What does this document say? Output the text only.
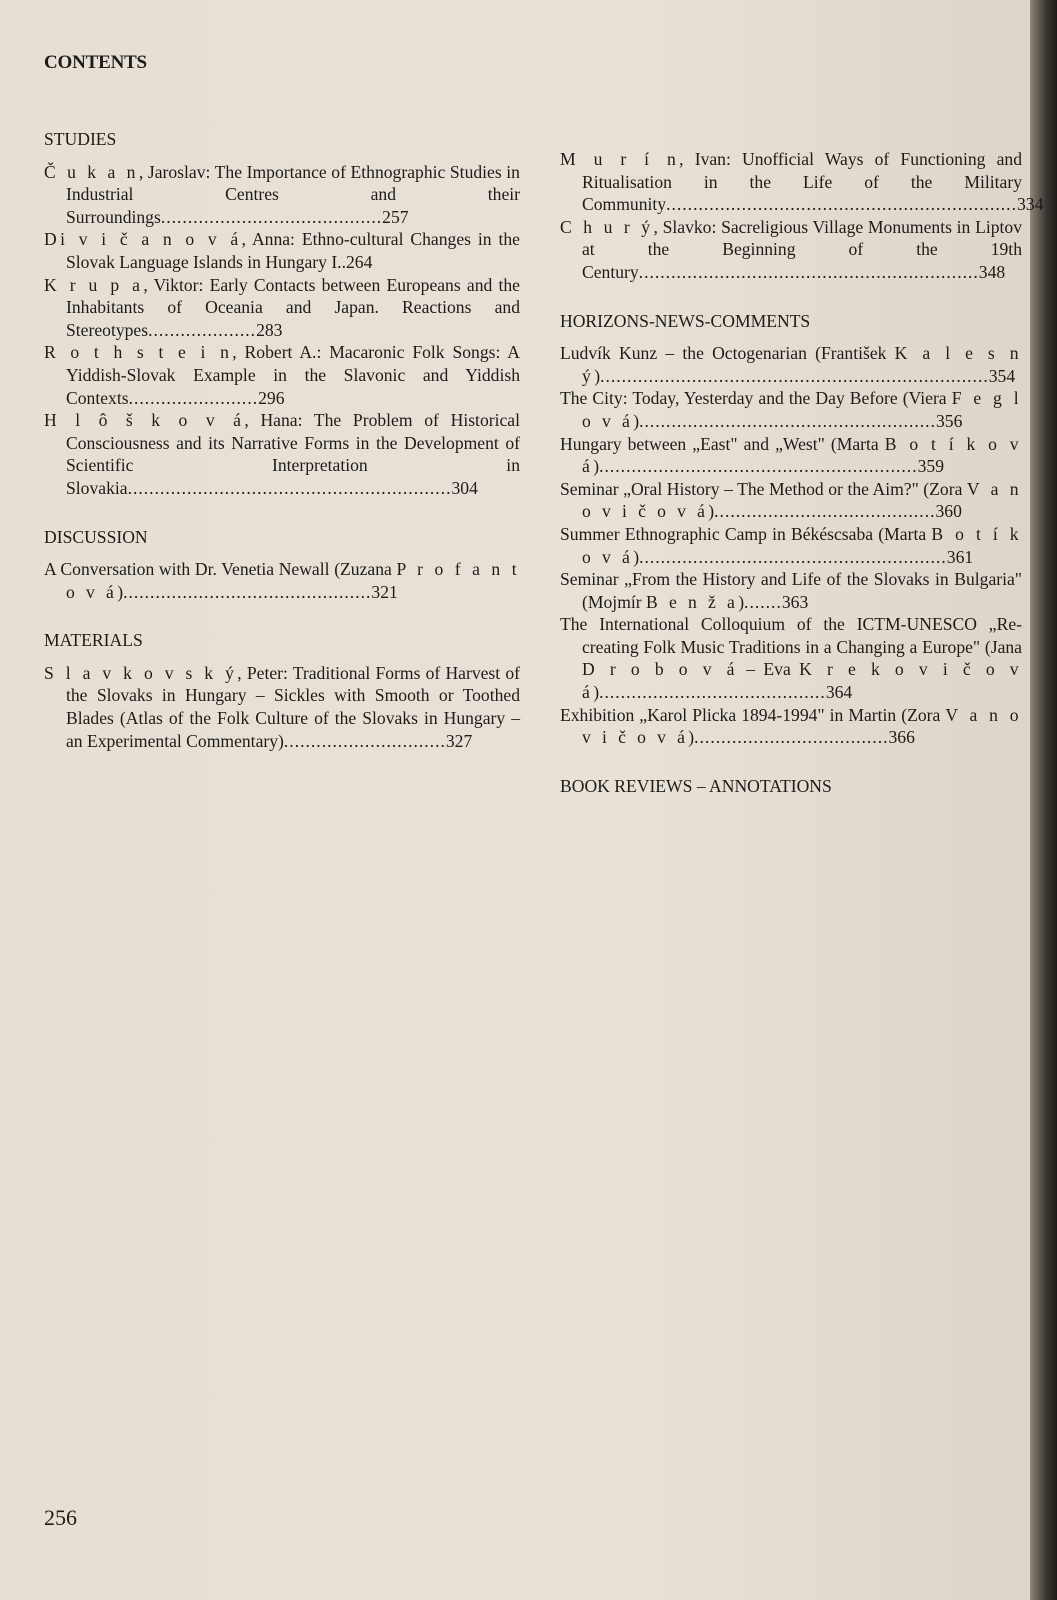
CONTENTS
STUDIES
Č u k a n, Jaroslav: The Importance of Ethnographic Studies in Industrial Centres and their Surroundings.........................................257
Di v i č a n o v á, Anna: Ethno-cultural Changes in the Slovak Language Islands in Hungary I..264
K r u p a, Viktor: Early Contacts between Europeans and the Inhabitants of Oceania and Japan. Reactions and Stereotypes....................283
R o t h s t e i n, Robert A.: Macaronic Folk Songs: A Yiddish-Slovak Example in the Slavonic and Yiddish Contexts........................296
H l ô š k o v á, Hana: The Problem of Historical Consciousness and its Narrative Forms in the Development of Scientific Interpretation in Slovakia............................................................304
DISCUSSION
A Conversation with Dr. Venetia Newall (Zuzana P r o f a n t o v á)..............................................321
MATERIALS
S l a v k o v s k ý, Peter: Traditional Forms of Harvest of the Slovaks in Hungary – Sickles with Smooth or Toothed Blades (Atlas of the Folk Culture of the Slovaks in Hungary – an Experimental Commentary)..............................327
M u r í n, Ivan: Unofficial Ways of Functioning and Ritualisation in the Life of the Military Community.................................................................334
C h u r ý, Slavko: Sacreligious Village Monuments in Liptov at the Beginning of the 19th Century...............................................................348
HORIZONS-NEWS-COMMENTS
Ludvík Kunz – the Octogenarian (František K a l e s n ý)........................................................................354
The City: Today, Yesterday and the Day Before (Viera F e g l o v á).......................................................356
Hungary between „East" and „West" (Marta B o t í k o v á)...........................................................359
Seminar „Oral History – The Method or the Aim?" (Zora V a n o v i č o v á).........................................360
Summer Ethnographic Camp in Békéscsaba (Marta B o t í k o v á).........................................................361
Seminar „From the History and Life of the Slovaks in Bulgaria" (Mojmír B e n ž a).......363
The International Colloquium of the ICTM-UNESCO „Re-creating Folk Music Traditions in a Changing a Europe" (Jana D r o b o v á – Eva K r e k o v i č o v á)..........................................364
Exhibition „Karol Plicka 1894-1994" in Martin (Zora V a n o v i č o v á)....................................366
BOOK REVIEWS – ANNOTATIONS
256
